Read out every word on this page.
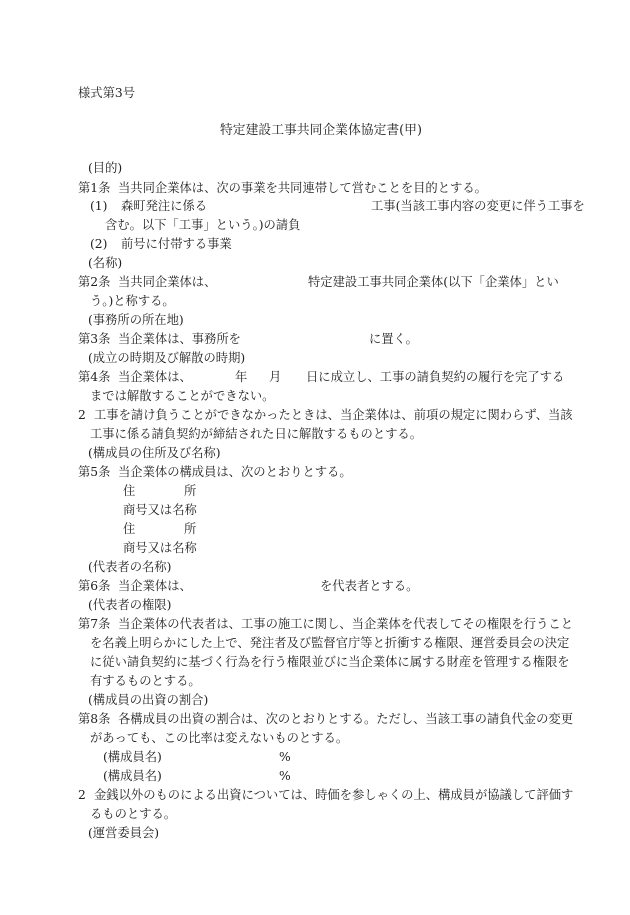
様式第3号
特定建設工事共同企業体協定書(甲)
(目的)
第1条 当共同企業体は、次の事業を共同連帯して営むことを目的とする。
(1) 森町発注に係る	工事(当該工事内容の変更に伴う工事を
含む。以下「工事」という。)の請負
(2) 前号に付帯する事業
(名称)
第2条 当共同企業体は、	特定建設工事共同企業体(以下「企業体」とい
う。)と称する。
(事務所の所在地)
第3条 当企業体は、事務所を	に置く。
(成立の時期及び解散の時期)
第4条 当企業体は、	年 月 日に成立し、工事の請負契約の履行を完了する
までは解散することができない。
2 工事を請け負うことができなかったときは、当企業体は、前項の規定に関わらず、当該
工事に係る請負契約が締結された日に解散するものとする。
(構成員の住所及び名称)
第5条 当企業体の構成員は、次のとおりとする。
住	所
商号又は名称
住	所
商号又は名称
(代表者の名称)
第6条 当企業体は、	を代表者とする。
(代表者の権限)
第7条 当企業体の代表者は、工事の施工に関し、当企業体を代表してその権限を行うこと
を名義上明らかにした上で、発注者及び監督官庁等と折衝する権限、運営委員会の決定
に従い請負契約に基づく行為を行う権限並びに当企業体に属する財産を管理する権限を
有するものとする。
(構成員の出資の割合)
第8条 各構成員の出資の割合は、次のとおりとする。ただし、当該工事の請負代金の変更
があっても、この比率は変えないものとする。
(構成員名)	%
(構成員名)	%
2 金銭以外のものによる出資については、時価を参しゃくの上、構成員が協議して評価す
るものとする。
(運営委員会)
